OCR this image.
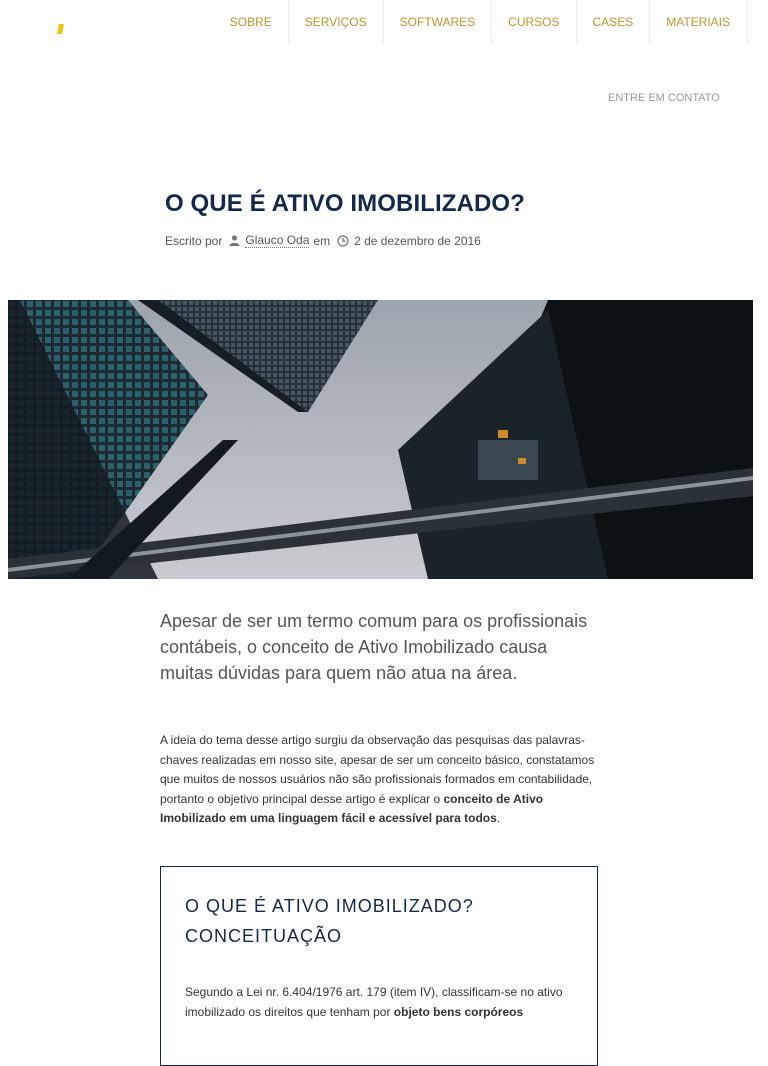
SOBRE	SERVIÇOS	SOFTWARES	CURSOS	CASES	MATERIAIS
ENTRE EM CONTATO
O QUE É ATIVO IMOBILIZADO?
Escrito por Glauco Oda em 2 de dezembro de 2016

Apesar de ser um termo comum para os profissionais contábeis, o conceito de Ativo Imobilizado causa muitas dúvidas para quem não atua na área.

A ideia do tema desse artigo surgiu da observação das pesquisas das palavras-chaves realizadas em nosso site, apesar de ser um conceito básico, constatamos que muitos de nossos usuários não são profissionais formados em contabilidade, portanto o objetivo principal desse artigo é explicar o conceito de Ativo Imobilizado em uma linguagem fácil e acessível para todos.

O QUE É ATIVO IMOBILIZADO? CONCEITUAÇÃO

Segundo a Lei nr. 6.404/1976 art. 179 (item IV), classificam-se no ativo imobilizado os direitos que tenham por objeto bens corpóreos
